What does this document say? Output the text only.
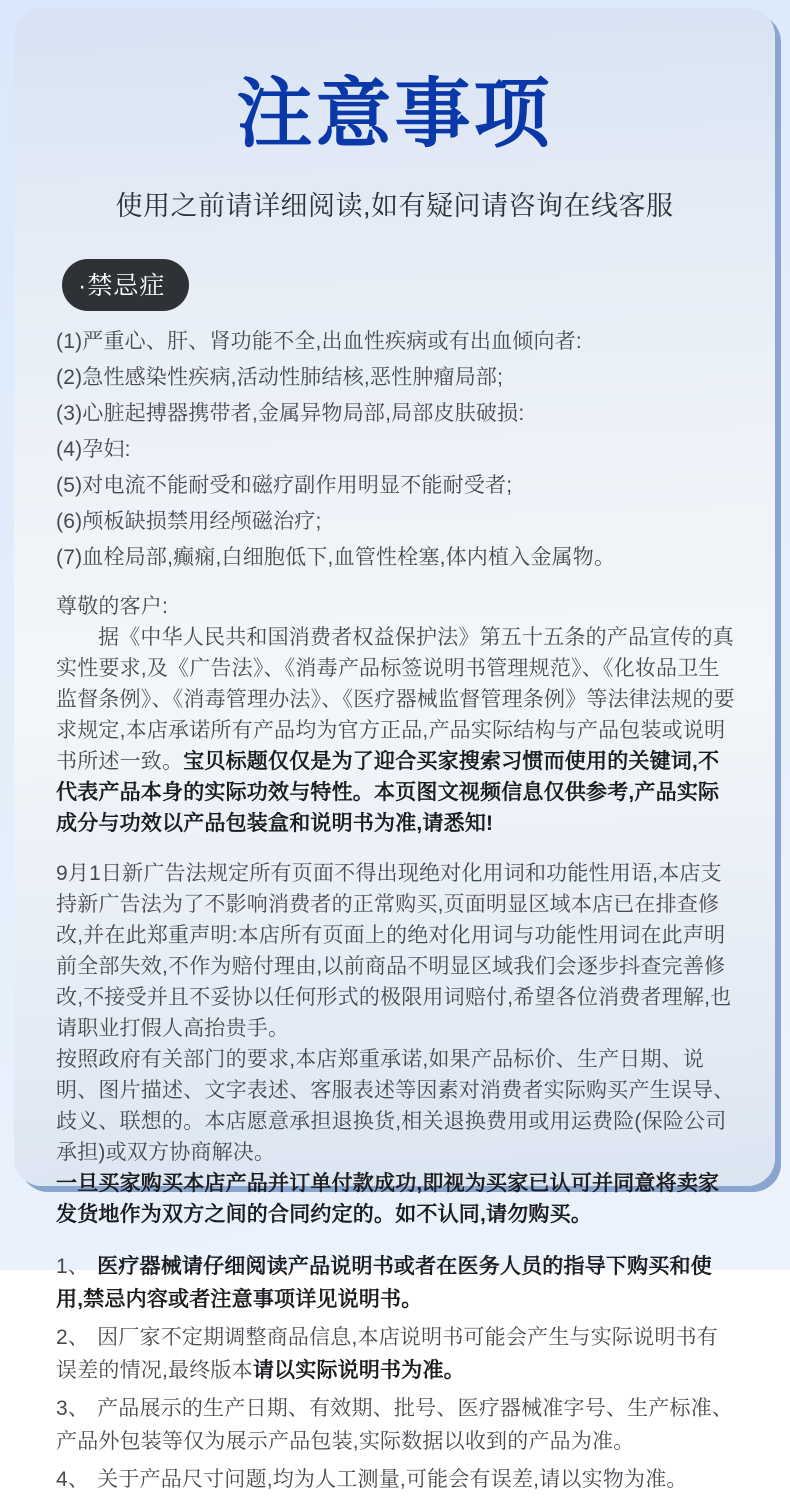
注意事项
使用之前请详细阅读,如有疑问请咨询在线客服
·禁忌症
(1)严重心、肝、肾功能不全,出血性疾病或有出血倾向者:
(2)急性感染性疾病,活动性肺结核,恶性肿瘤局部;
(3)心脏起搏器携带者,金属异物局部,局部皮肤破损:
(4)孕妇:
(5)对电流不能耐受和磁疗副作用明显不能耐受者;
(6)颅板缺损禁用经颅磁治疗;
(7)血栓局部,癫痫,白细胞低下,血管性栓塞,体内植入金属物。
尊敬的客户:

据《中华人民共和国消费者权益保护法》第五十五条的产品宣传的真实性要求,及《广告法》、《消毒产品标签说明书管理规范》、《化妆品卫生监督条例》、《消毒管理办法》、《医疗器械监督管理条例》等法律法规的要求规定,本店承诺所有产品均为官方正品,产品实际结构与产品包装或说明书所述一致。宝贝标题仅仅是为了迎合买家搜索习惯而使用的关键词,不代表产品本身的实际功效与特性。本页图文视频信息仅供参考,产品实际成分与功效以产品包装盒和说明书为准,请悉知!

9月1日新广告法规定所有页面不得出现绝对化用词和功能性用语,本店支持新广告法为了不影响消费者的正常购买,页面明显区域本店已在排查修改,并在此郑重声明:本店所有页面上的绝对化用词与功能性用词在此声明前全部失效,不作为赔付理由,以前商品不明显区域我们会逐步抖查完善修改,不接受并且不妥协以任何形式的极限用词赔付,希望各位消费者理解,也请职业打假人高抬贵手。

按照政府有关部门的要求,本店郑重承诺,如果产品标价、生产日期、说明、图片描述、文字表述、客服表述等因素对消费者实际购买产生误导、歧义、联想的。本店愿意承担退换货,相关退换费用或用运费险(保险公司承担)或双方协商解决。

一旦买家购买本店产品并订单付款成功,即视为买家已认可并同意将卖家发货地作为双方之间的合同约定的。如不认同,请勿购买。

1、 医疗器械请仔细阅读产品说明书或者在医务人员的指导下购买和使用,禁忌内容或者注意事项详见说明书。

2、 因厂家不定期调整商品信息,本店说明书可能会产生与实际说明书有误差的情况,最终版本请以实际说明书为准。

3、 产品展示的生产日期、有效期、批号、医疗器械准字号、生产标准、产品外包装等仅为展示产品包装,实际数据以收到的产品为准。

4、 关于产品尺寸问题,均为人工测量,可能会有误差,请以实物为准。
